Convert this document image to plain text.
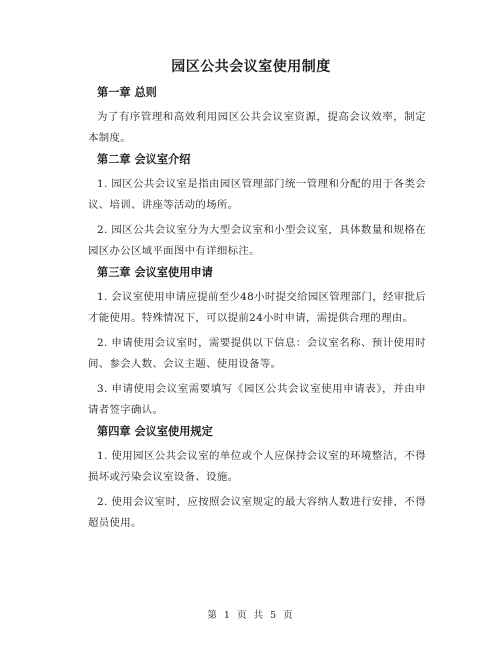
园区公共会议室使用制度
第一章 总则

为了有序管理和高效利用园区公共会议室资源，提高会议效率，制定本制度。

第二章 会议室介绍

1. 园区公共会议室是指由园区管理部门统一管理和分配的用于各类会议、培训、讲座等活动的场所。

2. 园区公共会议室分为大型会议室和小型会议室，具体数量和规格在园区办公区域平面图中有详细标注。

第三章 会议室使用申请

1. 会议室使用申请应提前至少48小时提交给园区管理部门，经审批后才能使用。特殊情况下，可以提前24小时申请，需提供合理的理由。

2. 申请使用会议室时，需要提供以下信息：会议室名称、预计使用时间、参会人数、会议主题、使用设备等。

3. 申请使用会议室需要填写《园区公共会议室使用申请表》，并由申请者签字确认。

第四章 会议室使用规定

1. 使用园区公共会议室的单位或个人应保持会议室的环境整洁，不得损坏或污染会议室设备、设施。

2. 使用会议室时，应按照会议室规定的最大容纳人数进行安排，不得超员使用。

第 1 页 共 5 页
